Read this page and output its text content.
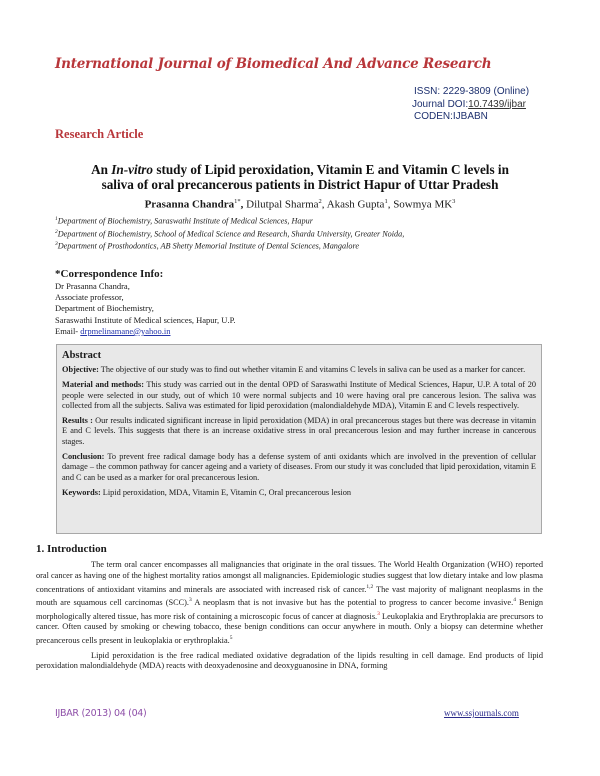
International Journal of Biomedical And Advance Research
ISSN: 2229-3809 (Online)
Journal DOI:10.7439/ijbar
CODEN:IJBABN
Research Article
An In-vitro study of Lipid peroxidation, Vitamin E and Vitamin C levels in
saliva of oral precancerous patients in District Hapur of Uttar Pradesh
Prasanna Chandra$^{1*}$, Dilutpal Sharma$^2$, Akash Gupta$^1$, Sowmya $MK^3$
$^1$Department of Biochemistry, Saraswathi Institute of Medical Sciences, Hapur
$^2$Department of Biochemistry, School of Medical Science and Research, Sharda University, Greater Noida,
$^3$Department of Prosthodontics, AB Shetty Memorial Institute of Dental Sciences, Mangalore
*Correspondence Info:
Dr Prasanna Chandra,
Associate professor,
Department of Biochemistry,
Saraswathi Institute of Medical sciences, Hapur, U.P.
Email- drpmelinamane@yahoo.in
Abstract

Objective: The objective of our study was to find out whether vitamin E and vitamins C levels in saliva can be used as a marker for cancer.

Material and methods: This study was carried out in the dental OPD of Saraswathi Institute of Medical Sciences, Hapur, U.P. A total of 20 people were selected in our study, out of which 10 were normal subjects and 10 were having oral pre cancerous lesion. The saliva was collected from all the subjects. Saliva was estimated for lipid peroxidation (malondialdehyde MDA), Vitamin E and C levels respectively.

Results : Our results indicated significant increase in lipid peroxidation (MDA) in oral precancerous stages but there was decrease in vitamin E and C levels. This suggests that there is an increase oxidative stress in oral precancerous lesion and may further increase in cancerous stages.

Conclusion: To prevent free radical damage body has a defense system of anti oxidants which are involved in the prevention of cellular damage – the common pathway for cancer ageing and a variety of diseases. From our study it was concluded that lipid peroxidation, vitamin E and C can be used as a marker for oral precancerous lesion.

Keywords: Lipid peroxidation, MDA, Vitamin E, Vitamin C, Oral precancerous lesion

1. Introduction

The term oral cancer encompasses all malignancies that originate in the oral tissues. The World Health Organization (WHO) reported oral cancer as having one of the highest mortality ratios amongst all malignancies. Epidemiologic studies suggest that low dietary intake and low plasma concentrations of antioxidant vitamins and minerals are associated with increased risk of cancer.$^{1,2}$ The vast majority of malignant neoplasms in the mouth are squamous cell carcinomas (SCC).$^3$ A neoplasm that is not invasive but has the potential to progress to cancer become invasive.$^4$ Benign morphologically altered tissue, has more risk of containing a microscopic focus of cancer at diagnosis.$^3$ Leukoplakia and Erythroplakia are precursors to cancer. Often caused by smoking or chewing tobacco, these benign conditions can occur anywhere in mouth. Only a biopsy can determine whether precancerous cells present in leukoplakia or erythroplakia.$^5$

Lipid peroxidation is the free radical mediated oxidative degradation of the lipids resulting in cell damage. End products of lipid peroxidation malondialdehyde (MDA) reacts with deoxyadenosine and deoxyguanosine in DNA, forming

IJBAR (2013) 04 (04)	www.ssjournals.com
